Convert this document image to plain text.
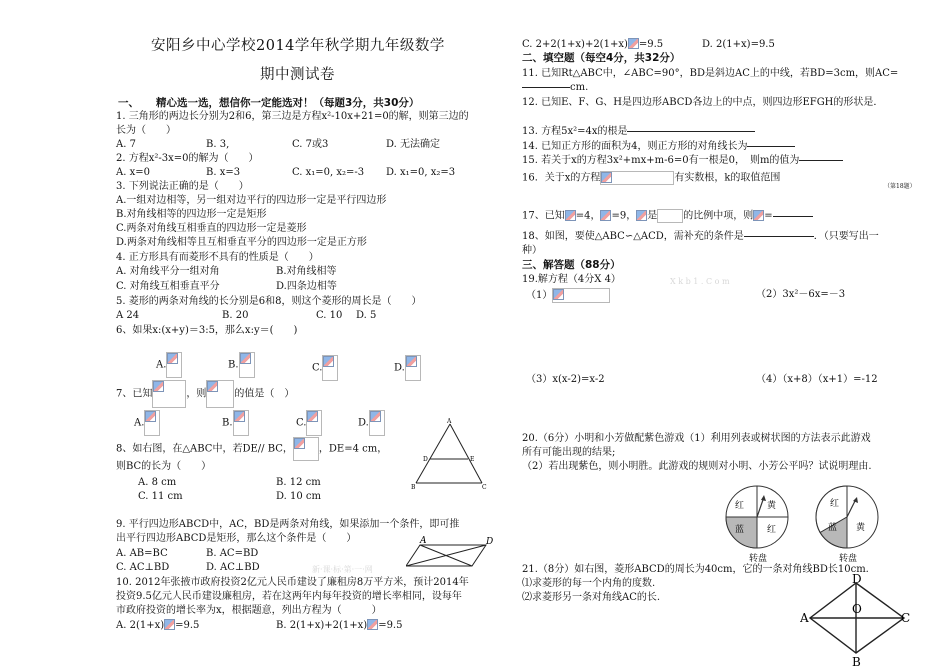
安阳乡中心学校2014学年秋学期九年级数学
期中测试卷
一、 精心选一选，想信你一定能选对！（每题3分，共30分）
1. 三角形的两边长分别为2和6，第三边是方程x²-10x+21=0的解，则第三边的
长为（　　）
A. 7	B. 3,	C. 7或3	D. 无法确定
2. 方程x²-3x=0的解为（　　）
A. x=0	B. x=3	C. x₁=0, x₂=-3 D. x₁=0, x₂=3
3. 下列说法正确的是（　　）
A.一组对边相等，另一组对边平行的四边形一定是平行四边形
B.对角线相等的四边形一定是矩形
C.两条对角线互相垂直的四边形一定是菱形
D.两条对角线相等且互相垂直平分的四边形一定是正方形
4. 正方形具有而菱形不具有的性质是（　　）
A. 对角线平分一组对角	B.对角线相等
C. 对角线互相垂直平分	D.四条边相等
5. 菱形的两条对角线的长分别是6和8，则这个菱形的周长是（　　）
A 24	B. 20	C. 10 D. 5
6、如果x:(x+y)＝3:5，那么x:y＝(　　)
A.	B.	C.	D.
7、已知	，则	的值是（　）
A.	B.	C.	D.
8、如右图，在△ABC中，若DE// BC，	，DE=4 cm，
则BC的长为（　　）
A. 8 cm	B. 12 cm
C. 11 cm	D. 10 cm
9. 平行四边形ABCD中，AC，BD是两条对角线，如果添加一个条件，即可推
出平行四边形ABCD是矩形，那么这个条件是（　　）
A. AB=BC	B. AC=BD
C. AC⊥BD	D. AC⊥BD	新·课·标·第·一·网
10. 2012年张掖市政府投资2亿元人民币建设了廉租房8万平方米，预计2014年
投资9.5亿元人民币建设廉租房，若在这两年内每年投资的增长率相同，设每年
市政府投资的增长率为x，根据题意，列出方程为（　　　）
A. 2(1+x) =9.5	B. 2(1+x)+2(1+x) =9.5
A
D	E
B	C
A	D
C. 2+2(1+x)+2(1+x) =9.5	D. 2(1+x)=9.5
二、填空题（每空4分，共32分）
11. 已知Rt△ABC中，∠ABC=90°，BD是斜边AC上的中线，若BD=3cm，则AC=
cm.
12. 已知E、F、G、H是四边形ABCD各边上的中点，则四边形EFGH的形状是．
13. 方程5x²=4x的根是
14. 已知正方形的面积为4，则正方形的对角线长为
15. 若关于x的方程3x²+mx+m-6=0有一根是0，　则m的值为
16．关于x的方程	有实数根，k的取值范围
（第18题）
17、已知 =4， =9， 是	的比例中项，则 =
18、如图，要使△ABC∽△ACD，需补充的条件是	．（只要写出一
种）
三、解答题（88分）
19.解方程（4分X 4）	X k b 1 . C o m
（1）	（2）3x²－6x=－3
（3）x(x-2)=x-2	（4）（x+8）（x+1）=-12
20.（6分）小明和小芳做配紫色游戏（1）利用列表或树状图的方法表示此游戏
所有可能出现的结果;
（2）若出现紫色，则小明胜。此游戏的规则对小明、小芳公平吗？试说明理由.
红	黄
蓝	红
转盘
红
蓝 黄
转盘
21.（8分）如右图，菱形ABCD的周长为40cm，它的一条对角线BD长10cm.
⑴求菱形的每一个内角的度数.
⑵求菱形另一条对角线AC的长.
D
A
O
C
B
